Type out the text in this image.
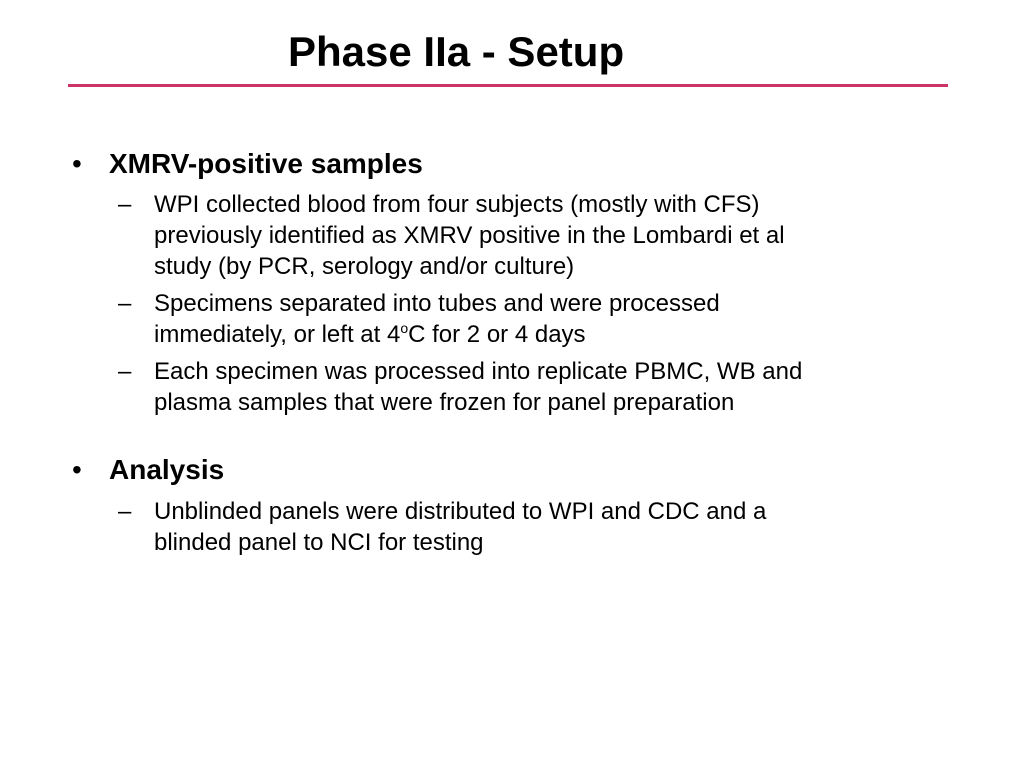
Phase IIa - Setup
• XMRV-positive samples
– WPI collected blood from four subjects (mostly with CFS)
previously identified as XMRV positive in the Lombardi et al
study (by PCR, serology and/or culture)
– Specimens separated into tubes and were processed
immediately, or left at 4$^o$C for 2 or 4 days
– Each specimen was processed into replicate PBMC, WB and
plasma samples that were frozen for panel preparation
• Analysis
– Unblinded panels were distributed to WPI and CDC and a
blinded panel to NCI for testing
